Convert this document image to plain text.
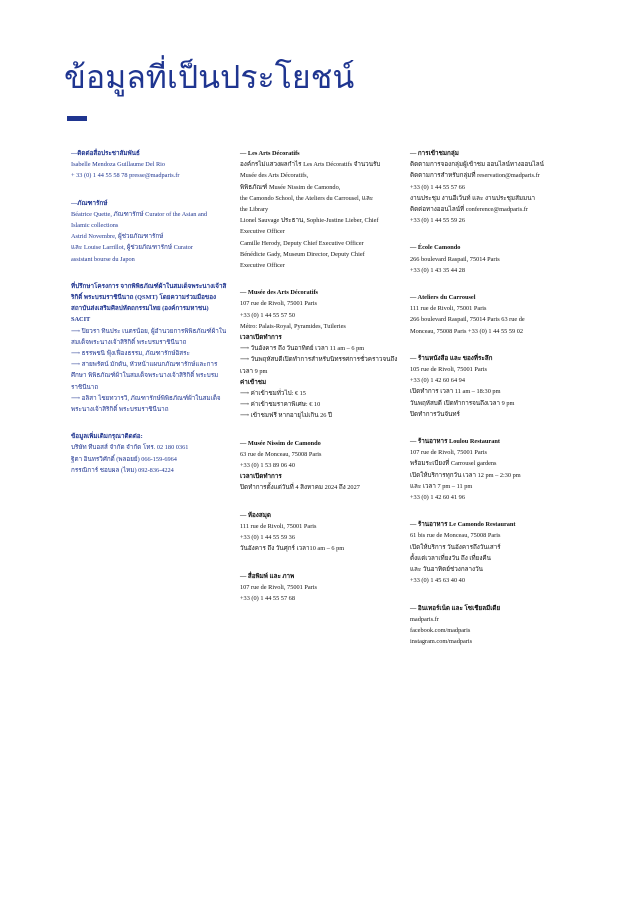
ข้อมูลที่เป็นประโยชน์
—ติดต่อสื่อประชาสัมพันธ์
Isabelle Mendoza Guillaume Del Rio
+ 33 (0) 1 44 55 58 78 presse@madparis.fr
—ภัณฑารักษ์
Béatrice Quette, ภัณฑารักษ์ Curator of the Asian and
Islamic collections
Astrid Novembre, ผู้ช่วยภัณฑารักษ์
และ Louise Larrillot, ผู้ช่วยภัณฑารักษ์ Curator
assistant bourse du Japon
ที่ปรึกษาโครงการ จากพิพิธภัณฑ์ผ้าในสมเด็จพระนางเจ้าสิริกิติ์ พระบรมราชินีนาถ (QSMT) โดยความร่วมมือของสถาบันส่งเสริมศิลปหัตถกรรมไทย (องค์การมหาชน) SACIT
⟶ ปิยวรา ทินประ เนตรน้อย, ผู้อำนวยการพิพิธภัณฑ์ผ้าในสมเด็จพระนางเจ้าสิริกิติ์ พระบรมราชินีนาถ
⟶ ธรรพชนิ ฟุ้งเฟื่องธรรม, ภัณฑารักษ์อิสระ
⟶ สายพรัตน์ มักดัน, หัวหน้าแผนกภัณฑารักษ์และการศึกษา พิพิธภัณฑ์ผ้าในสมเด็จพระนางเจ้าสิริกิติ์ พระบรมราชินีนาถ
⟶ อลิสา ไชยทวารวิ, ภัณฑารักษ์พิพิธภัณฑ์ผ้าในสมเด็จพระนางเจ้าสิริกิติ์ พระบรมราชินีนาถ
ข้อมูลเพิ่มเติมกรุณาติดต่อ:
บริษัท ทีบอสส์ จำกัด จำกัด โทร. 02 180 0361
ฐิตา อินทรวิศักดิ์ (พลอยย์) 066-159-6964
กรรณิการ์ ชอบผล (ไหม) 092-836-4224
— Les Arts Décoratifs
องค์กรไม่แสวงผลกำไร Les Arts Décoratifs จำนวนรับ
Musée des Arts Décoratifs,
พิพิธภัณฑ์ Musée Nissim de Camondo,
the Camondo School, the Ateliers du Carrousel, และ
the Library
Lionel Sauvage ประธาน, Sophie-Justine Lieber, Chief
Executive Officer
Camille Herody, Deputy Chief Executive Officer
Bénédicte Gady, Museum Director, Deputy Chief
Executive Officer
— Musée des Arts Décoratifs
107 rue de Rivoli, 75001 Paris
+33 (0) 1 44 55 57 50
Métro: Palais-Royal, Pyramides, Tuileries
เวลาเปิดทำการ
⟶ วันอังคาร ถึง วันอาทิตย์ เวลา 11 am – 6 pm
⟶ วันพฤหัสบดีเปิดทำการสำหรับนิทรรศการชั่วคราวจนถึงเวลา 9 pm
ค่าเข้าชม
⟶ ค่าเข้าชมทั่วไป: € 15
⟶ ค่าเข้าชมราคาพิเศษ: € 10
⟶ เข้าชมฟรี หากอายุไม่เกิน 26 ปี
— Musée Nissim de Camondo
63 rue de Monceau, 75008 Paris
+33 (0) 1 53 89 06 40
เวลาเปิดทำการ
ปิดทำการตั้งแต่วันที่ 4 สิงหาคม 2024 ถึง 2027
— ห้องสมุด
111 rue de Rivoli, 75001 Paris
+33 (0) 1 44 55 59 36
วันอังคาร ถึง วันศุกร์ เวลา10 am – 6 pm
— สื่อพิมพ์ และ ภาพ
107 rue de Rivoli, 75001 Paris
+33 (0) 1 44 55 57 68
— การเข้าชมกลุ่ม
ติดตามการจองกลุ่มผู้เข้าชม ออนไลน์ทางออนไลน์
ติดตามการสำหรับกลุ่มที่ reservation@madparis.fr
+33 (0) 1 44 55 57 66
งานประชุม งานอีเว้นท์ และ งานประชุมสัมมนา
ติดต่อทางออนไลน์ที่ conference@madparis.fr
+33 (0) 1 44 55 59 26
— École Camondo
266 boulevard Raspail, 75014 Paris
+33 (0) 1 43 35 44 28
— Ateliers du Carrousel
111 rue de Rivoli, 75001 Paris
266 boulevard Raspail, 75014 Paris 63 rue de
Monceau, 75008 Paris +33 (0) 1 44 55 59 02
— ร้านหนังสือ และ ของที่ระลึก
105 rue de Rivoli, 75001 Paris
+33 (0) 1 42 60 64 94
เปิดทำการ เวลา 11 am – 18:30 pm
วันพฤหัสบดี เปิดทำการจนถึงเวลา 9 pm
ปิดทำการวันจันทร์
— ร้านอาหาร Loulou Restaurant
107 rue de Rivoli, 75001 Paris
พร้อมระเบียงที่ Carrousel gardens
เปิดให้บริการทุกวัน เวลา 12 pm – 2:30 pm
และ เวลา 7 pm – 11 pm
+33 (0) 1 42 60 41 96
— ร้านอาหาร Le Camondo Restaurant
61 bis rue de Monceau, 75008 Paris
เปิดให้บริการ วันอังคารถึงวันเสาร์
ตั้งแต่เวลาเที่ยงวัน ถึง เที่ยงคืน
และ วันอาทิตย์ช่วงกลางวัน
+33 (0) 1 45 63 40 40
— อินเทอร์เน็ต และ โซเชียลมีเดีย
madparis.fr
facebook.com/madparis
instagram.com/madparis
